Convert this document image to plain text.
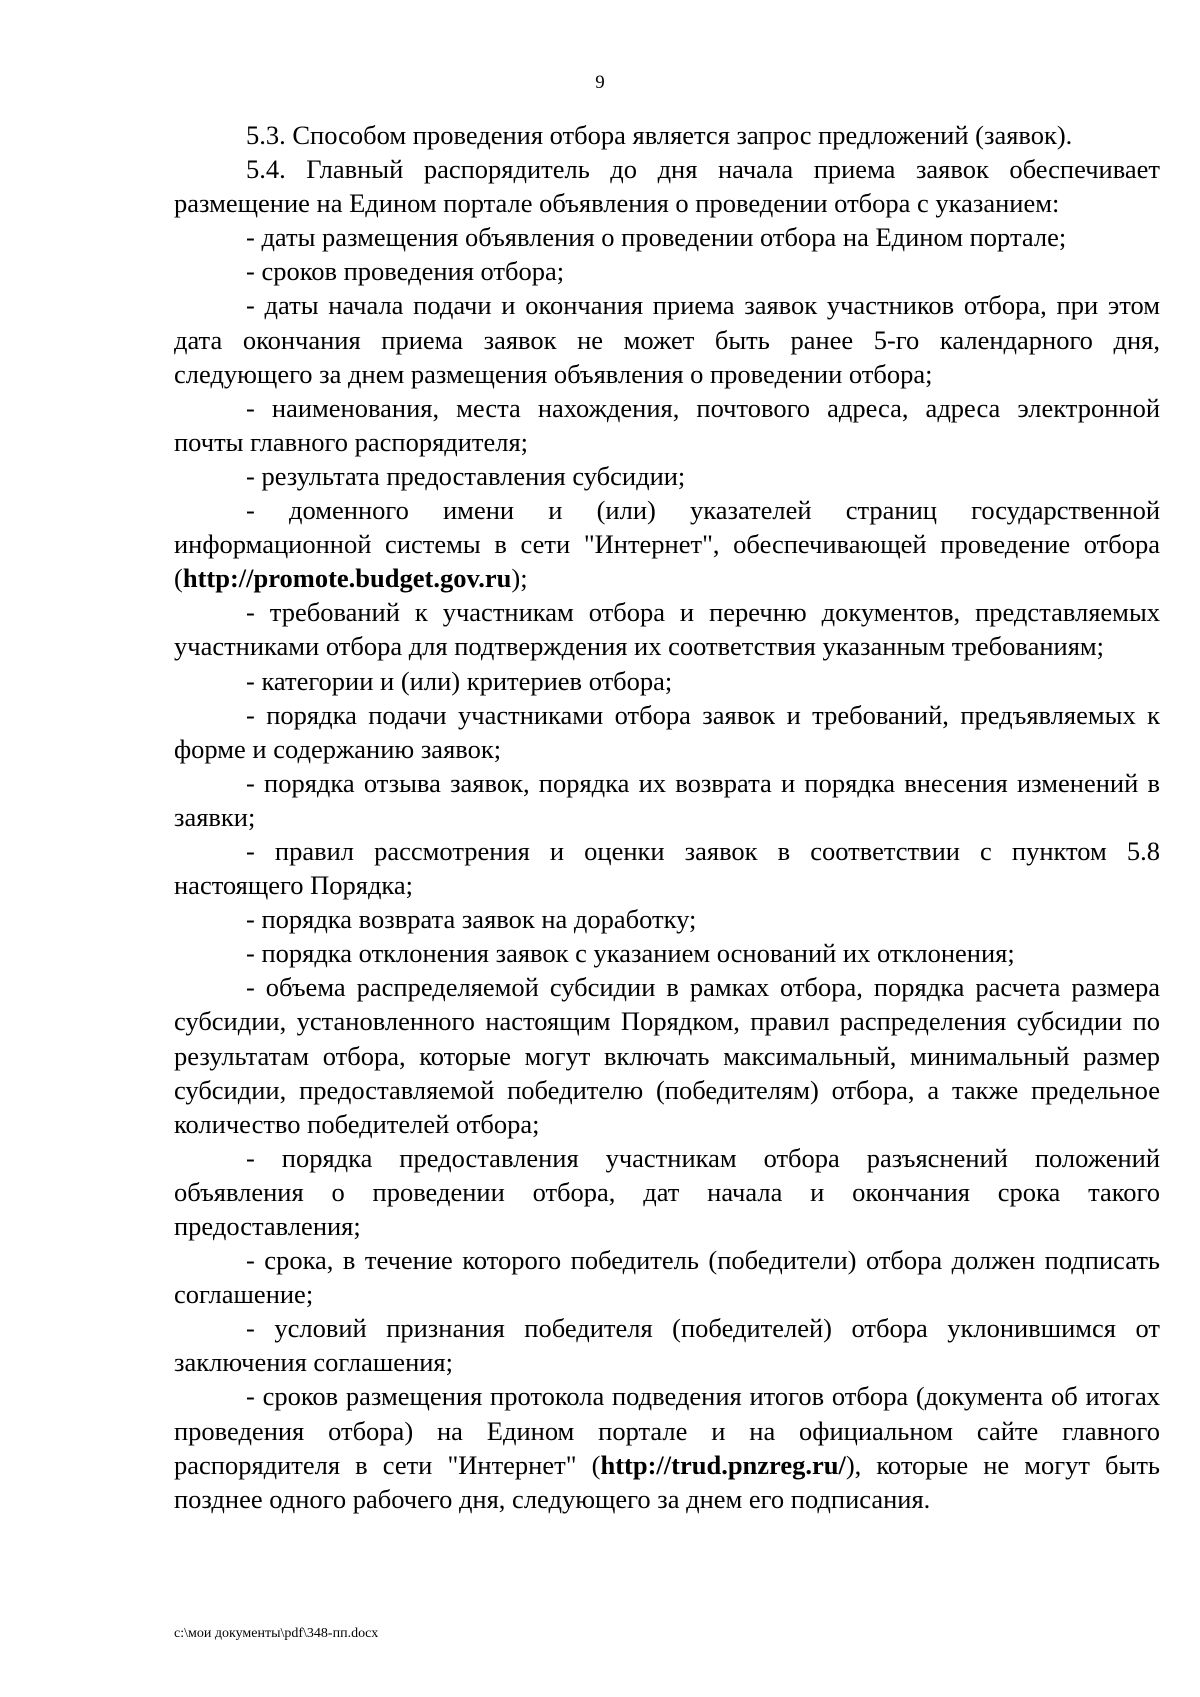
9

5.3. Способом проведения отбора является запрос предложений (заявок).

5.4. Главный распорядитель до дня начала приема заявок обеспечивает размещение на Едином портале объявления о проведении отбора с указанием:

- даты размещения объявления о проведении отбора на Едином портале;

- сроков проведения отбора;

- даты начала подачи и окончания приема заявок участников отбора, при этом дата окончания приема заявок не может быть ранее 5-го календарного дня, следующего за днем размещения объявления о проведении отбора;

- наименования, места нахождения, почтового адреса, адреса электронной почты главного распорядителя;

- результата предоставления субсидии;

- доменного имени и (или) указателей страниц государственной информационной системы в сети "Интернет", обеспечивающей проведение отбора (http://promote.budget.gov.ru);

- требований к участникам отбора и перечню документов, представляемых участниками отбора для подтверждения их соответствия указанным требованиям;

- категории и (или) критериев отбора;

- порядка подачи участниками отбора заявок и требований, предъявляемых к форме и содержанию заявок;

- порядка отзыва заявок, порядка их возврата и порядка внесения изменений в заявки;

- правил рассмотрения и оценки заявок в соответствии с пунктом 5.8 настоящего Порядка;

- порядка возврата заявок на доработку;

- порядка отклонения заявок с указанием оснований их отклонения;

- объема распределяемой субсидии в рамках отбора, порядка расчета размера субсидии, установленного настоящим Порядком, правил распределения субсидии по результатам отбора, которые могут включать максимальный, минимальный размер субсидии, предоставляемой победителю (победителям) отбора, а также предельное количество победителей отбора;

- порядка предоставления участникам отбора разъяснений положений объявления о проведении отбора, дат начала и окончания срока такого предоставления;

- срока, в течение которого победитель (победители) отбора должен подписать соглашение;

- условий признания победителя (победителей) отбора уклонившимся от заключения соглашения;

- сроков размещения протокола подведения итогов отбора (документа об итогах проведения отбора) на Едином портале и на официальном сайте главного распорядителя в сети "Интернет" (http://trud.pnzreg.ru/), которые не могут быть позднее одного рабочего дня, следующего за днем его подписания.

c:\мои документы\pdf\348-пп.docx
